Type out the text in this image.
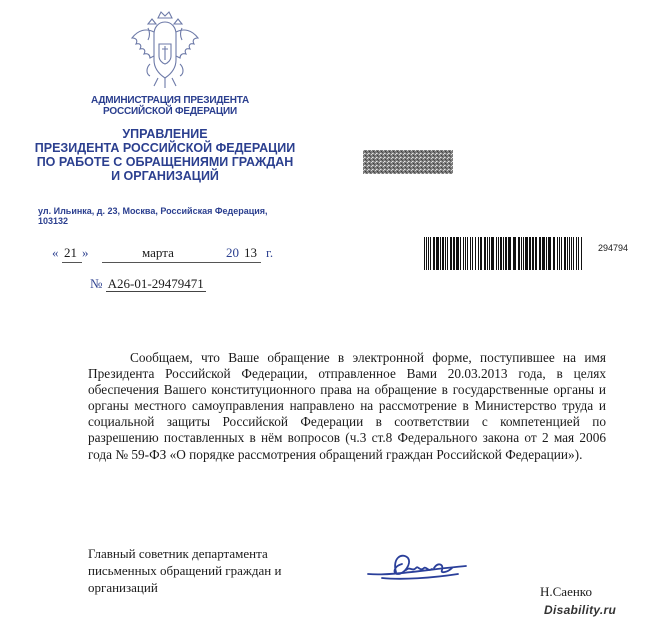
АДМИНИСТРАЦИЯ ПРЕЗИДЕНТА
РОССИЙСКОЙ ФЕДЕРАЦИИ
УПРАВЛЕНИЕ
ПРЕЗИДЕНТА РОССИЙСКОЙ ФЕДЕРАЦИИ
ПО РАБОТЕ С ОБРАЩЕНИЯМИ ГРАЖДАН
И ОРГАНИЗАЦИЙ
ул. Ильинка, д. 23, Москва, Российская Федерация, 103132
« 21 »	марта	20 13 г.
№ А26-01-29479471
294794

Сообщаем, что Ваше обращение в электронной форме, поступившее на имя Президента Российской Федерации, отправленное Вами 20.03.2013 года, в целях обеспечения Вашего конституционного права на обращение в государственные органы и органы местного самоуправления направлено на рассмотрение в Министерство труда и социальной защиты Российской Федерации в соответствии с компетенцией по разрешению поставленных в нём вопросов (ч.3 ст.8 Федерального закона от 2 мая 2006 года № 59-ФЗ «О порядке рассмотрения обращений граждан Российской Федерации»).

Главный советник департамента
письменных обращений граждан и
организаций	Н.Саенко
Disability.ru
